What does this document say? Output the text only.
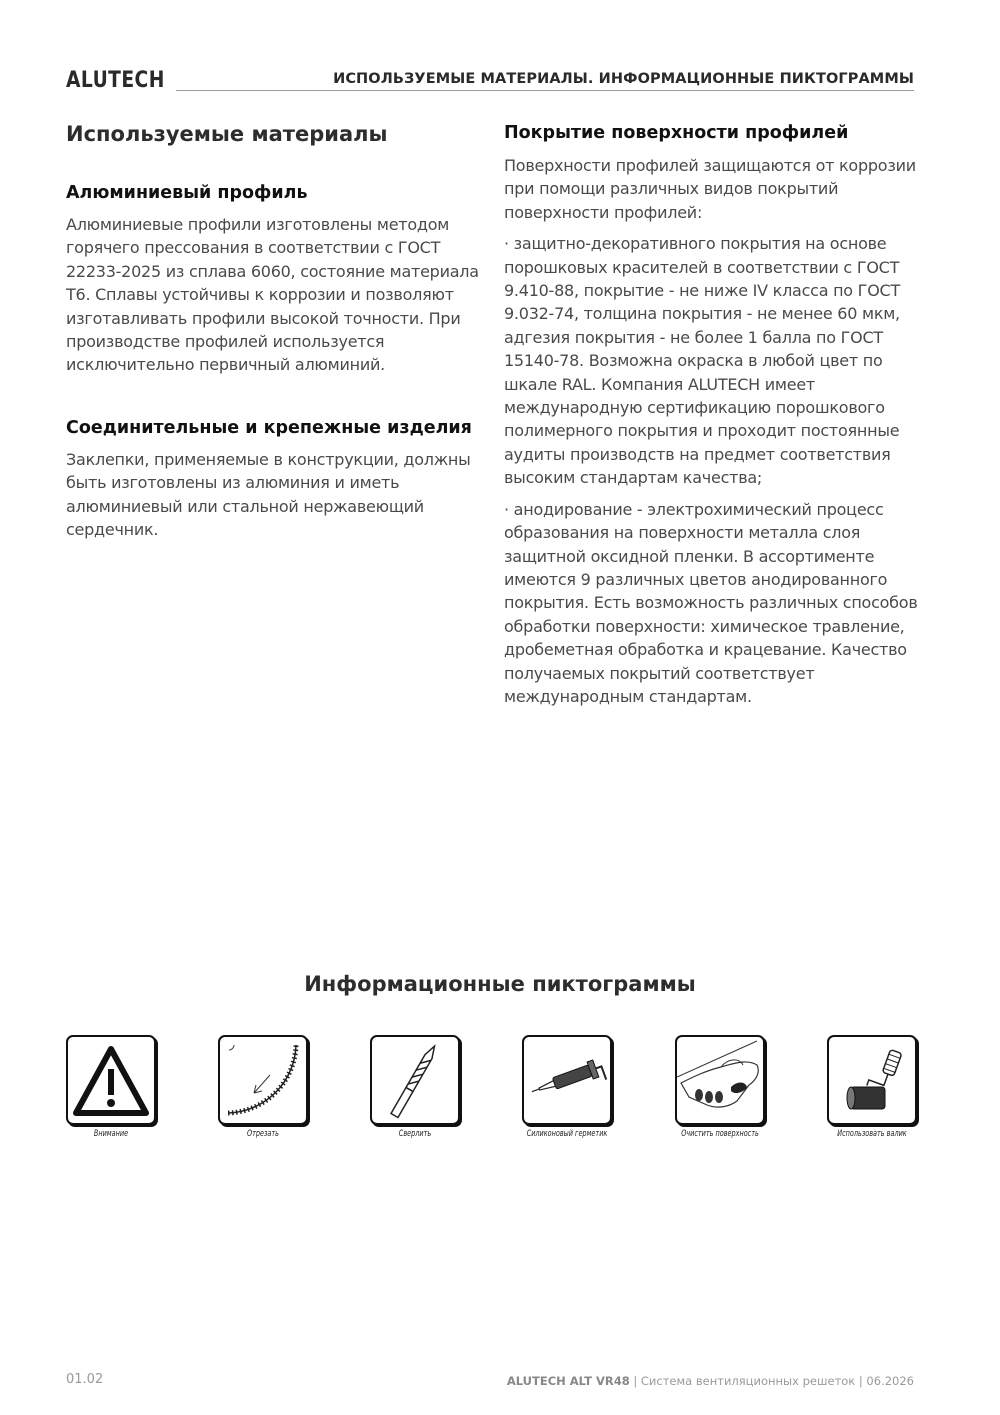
ALUTECH	ИСПОЛЬЗУЕМЫЕ МАТЕРИАЛЫ. ИНФОРМАЦИОННЫЕ ПИКТОГРАММЫ
Используемые материалы
Алюминиевый профиль

Алюминиевые профили изготовлены методом горячего прессования в соответствии с ГОСТ 22233-2025 из сплава 6060, состояние материала Т6. Сплавы устойчивы к коррозии и позволяют изготавливать профили высокой точности. При производстве профилей используется исключительно первичный алюминий.

Соединительные и крепежные изделия

Заклепки, применяемые в конструкции, должны быть изготовлены из алюминия и иметь алюминиевый или стальной нержавеющий сердечник.

Покрытие поверхности профилей

Поверхности профилей защищаются от коррозии при помощи различных видов покрытий поверхности профилей:

· защитно-декоративного покрытия на основе порошковых красителей в соответствии с ГОСТ 9.410-88, покрытие - не ниже IV класса по ГОСТ 9.032-74, толщина покрытия - не менее 60 мкм, адгезия покрытия - не более 1 балла по ГОСТ 15140-78. Возможна окраска в любой цвет по шкале RAL. Компания ALUTECH имеет международную сертификацию порошкового полимерного покрытия и проходит постоянные аудиты производств на предмет соответствия высоким стандартам качества;

· анодирование - электрохимический процесс образования на поверхности металла слоя защитной оксидной пленки. В ассортименте имеются 9 различных цветов анодированного покрытия. Есть возможность различных способов обработки поверхности: химическое травление, дробеметная обработка и крацевание. Качество получаемых покрытий соответствует международным стандартам.

Информационные пиктограммы
Внимание	Отрезать	Сверлить	Силиконовый герметик	Очистить поверхность	Использовать валик
01.02	ALUTECH ALT VR48 | Система вентиляционных решеток | 06.2026
